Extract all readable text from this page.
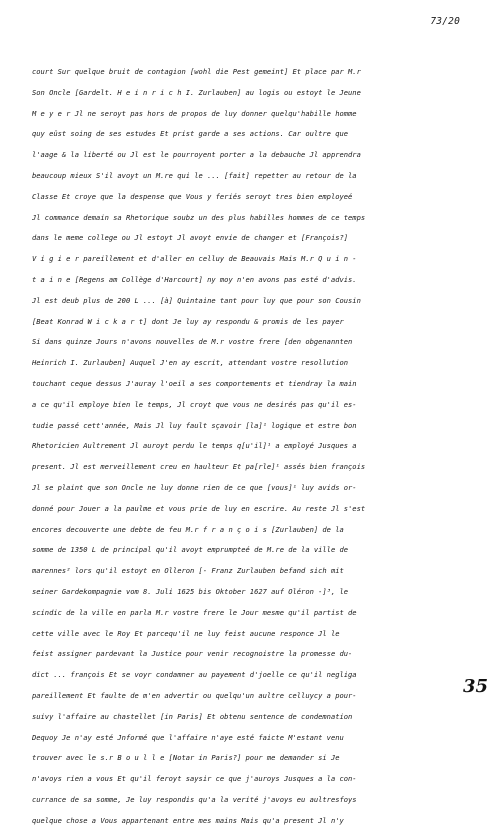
73/20
court Sur quelque bruit de contagion [wohl die Pest gemeint] Et place par M.r
Son Oncle [Gardelt. H e i n r i c h I. Zurlauben] au logis ou estoyt le Jeune
M e y e r Jl ne seroyt pas hors de propos de luy donner quelqu'habille homme
quy eüst soing de ses estudes Et prist garde a ses actions. Car oultre que
l'aage & la liberté ou Jl est le pourroyent porter a la debauche Jl apprendra
beaucoup mieux S'il avoyt un M.re qui le ... [fait] repetter au retour de la
Classe Et croye que la despense que Vous y feriés seroyt tres bien employeé
Jl commance demain sa Rhetorique soubz un des plus habilles hommes de ce temps
dans le meme college ou Jl estoyt Jl avoyt envie de changer et [François?]
V i g i e r pareillement et d'aller en celluy de Beauvais Mais M.r Q u i n -
t a i n e [Regens am Collège d'Harcourt] ny moy n'en avons pas esté d'advis.
Jl est deub plus de 200 L ... [à] Quintaine tant pour luy que pour son Cousin
[Beat Konrad W i c k a r t] dont Je luy ay respondu & promis de les payer
Si dans quinze Jours n'avons nouvelles de M.r vostre frere [den obgenannten
Heinrich I. Zurlauben] Auquel J'en ay escrit, attendant vostre resollution
touchant ceque dessus J'auray l'oeil a ses comportements et tiendray la main
a ce qu'il employe bien le temps, Jl croyt que vous ne desirés pas qu'il es-
tudie passé cett'année, Mais Jl luy fault sçavoir [la]¹ logique et estre bon
Rhetoricien Aultrement Jl auroyt perdu le temps q[u'il]¹ a employé Jusques a
present. Jl est merveillement creu en haulteur Et pa[rle]¹ assés bien françois
Jl se plaint que son Oncle ne luy donne rien de ce que [vous]¹ luy avids or-
donné pour Jouer a la paulme et vous prie de luy en escrire. Au reste Jl s'est
encores decouverte une debte de feu M.r f r a n ç o i s [Zurlauben] de la
somme de 1350 L de principal qu'il avoyt emprumpteé de M.re de la ville de
marennes² lors qu'il estoyt en Olleron [- Franz Zurlauben befand sich mit
seiner Gardekompagnie vom 8. Juli 1625 bis Oktober 1627 auf Oléron -]³, le
scindic de la ville en parla M.r vostre frere le Jour mesme qu'il partist de
cette ville avec le Roy Et parcequ'il ne luy feist aucune responce Jl le
feist assigner pardevant la Justice pour venir recognoistre la promesse du-
dict ... françois Et se voyr condamner au payement d'joelle ce qu'il negliga
pareillement Et faulte de m'en advertir ou quelqu'un aultre celluycy a pour-
suivy l'affaire au chastellet [in Paris] Et obtenu sentence de condemnation
Dequoy Je n'ay esté Jnformé que l'affaire n'aye esté faicte M'estant venu
trouver avec le s.r B o u l l e [Notar in Paris?] pour me demander si Je
n'avoys rien a vous Et qu'il feroyt saysir ce que j'auroys Jusques a la con-
currance de sa somme, Je luy respondis qu'a la verité j'avoys eu aultresfoys
quelque chose a Vous appartenant entre mes mains Mais qu'a present Jl n'y
35
